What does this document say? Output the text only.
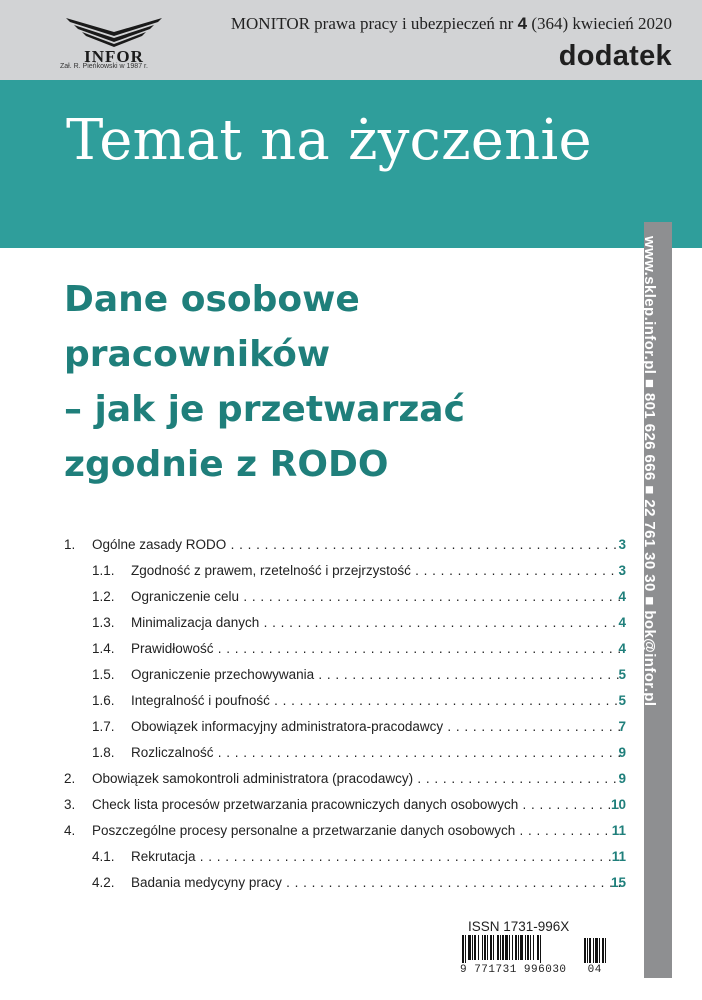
INFOR
Zał. R. Pieńkowski w 1987 r.
MONITOR prawa pracy i ubezpieczeń nr 4 (364) kwiecień 2020
dodatek
Temat na życzenie
www.sklep.infor.pl ■ 801 626 666 ■ 22 761 30 30 ■ bok@infor.pl
Dane osobowe
pracowników
– jak je przetwarzać
zgodnie z RODO
1. Ogólne zasady RODO . . .	3
1.1. Zgodność z prawem, rzetelność i przejrzystość . . .	3
1.2. Ograniczenie celu . . .	4
1.3. Minimalizacja danych . . .	4
1.4. Prawidłowość . . .	4
1.5. Ograniczenie przechowywania . . .	5
1.6. Integralność i poufność . . .	5
1.7. Obowiązek informacyjny administratora-pracodawcy . . .	7
1.8. Rozliczalność . . .	9
2. Obowiązek samokontroli administratora (pracodawcy) . . .	9
3. Check lista procesów przetwarzania pracowniczych danych osobowych . . .	10
4. Poszczególne procesy personalne a przetwarzanie danych osobowych . . .	11
4.1. Rekrutacja . . .	11
4.2. Badania medycyny pracy . . .	15
ISSN 1731-996X
9 771731 996030 04
